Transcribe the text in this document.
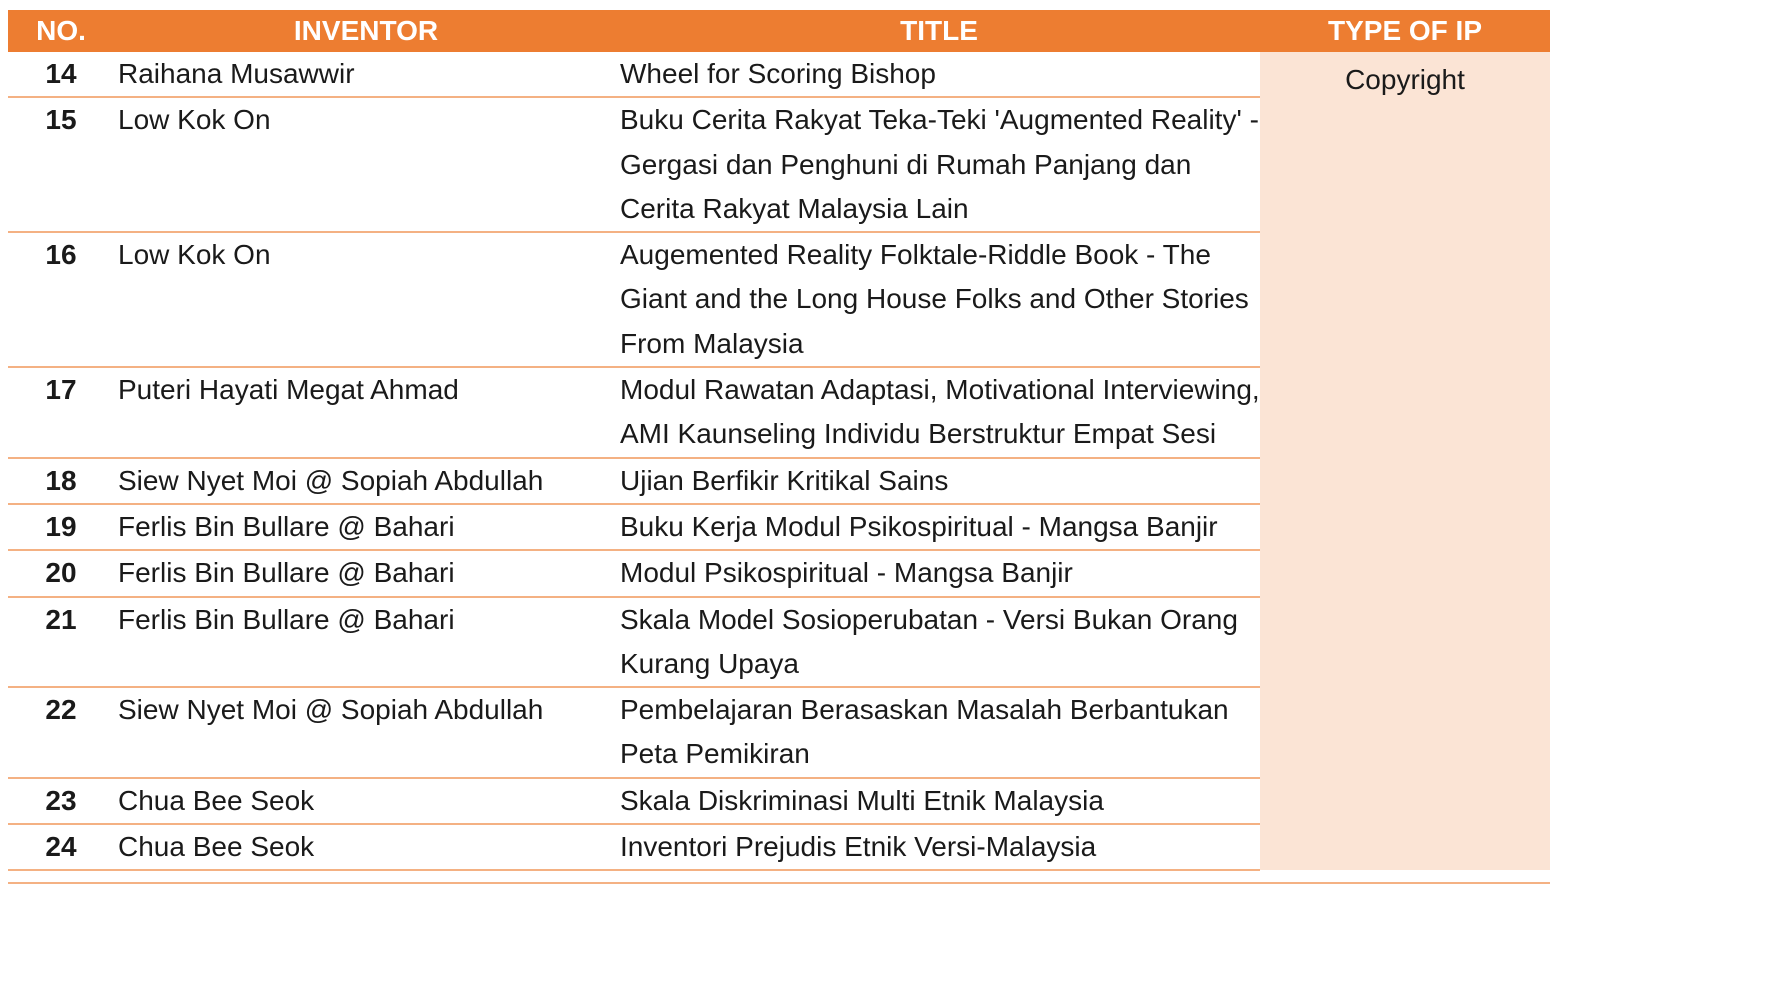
NO.	INVENTOR	TITLE	TYPE OF IP
14	Raihana Musawwir	Wheel for Scoring Bishop	Copyright
15	Low Kok On	Buku Cerita Rakyat Teka-Teki 'Augmented Reality' - Gergasi dan Penghuni di Rumah Panjang dan Cerita Rakyat Malaysia Lain	
16	Low Kok On	Augemented Reality Folktale-Riddle Book - The Giant and the Long House Folks and Other Stories From Malaysia	
17	Puteri Hayati Megat Ahmad	Modul Rawatan Adaptasi, Motivational Interviewing, AMI Kaunseling Individu Berstruktur Empat Sesi	
18	Siew Nyet Moi @ Sopiah Abdullah	Ujian Berfikir Kritikal Sains	
19	Ferlis Bin Bullare @ Bahari	Buku Kerja Modul Psikospiritual - Mangsa Banjir	
20	Ferlis Bin Bullare @ Bahari	Modul Psikospiritual - Mangsa Banjir	
21	Ferlis Bin Bullare @ Bahari	Skala Model Sosioperubatan - Versi Bukan Orang Kurang Upaya	
22	Siew Nyet Moi @ Sopiah Abdullah	Pembelajaran Berasaskan Masalah Berbantukan Peta Pemikiran	
23	Chua Bee Seok	Skala Diskriminasi Multi Etnik Malaysia	
24	Chua Bee Seok	Inventori Prejudis Etnik Versi-Malaysia	
